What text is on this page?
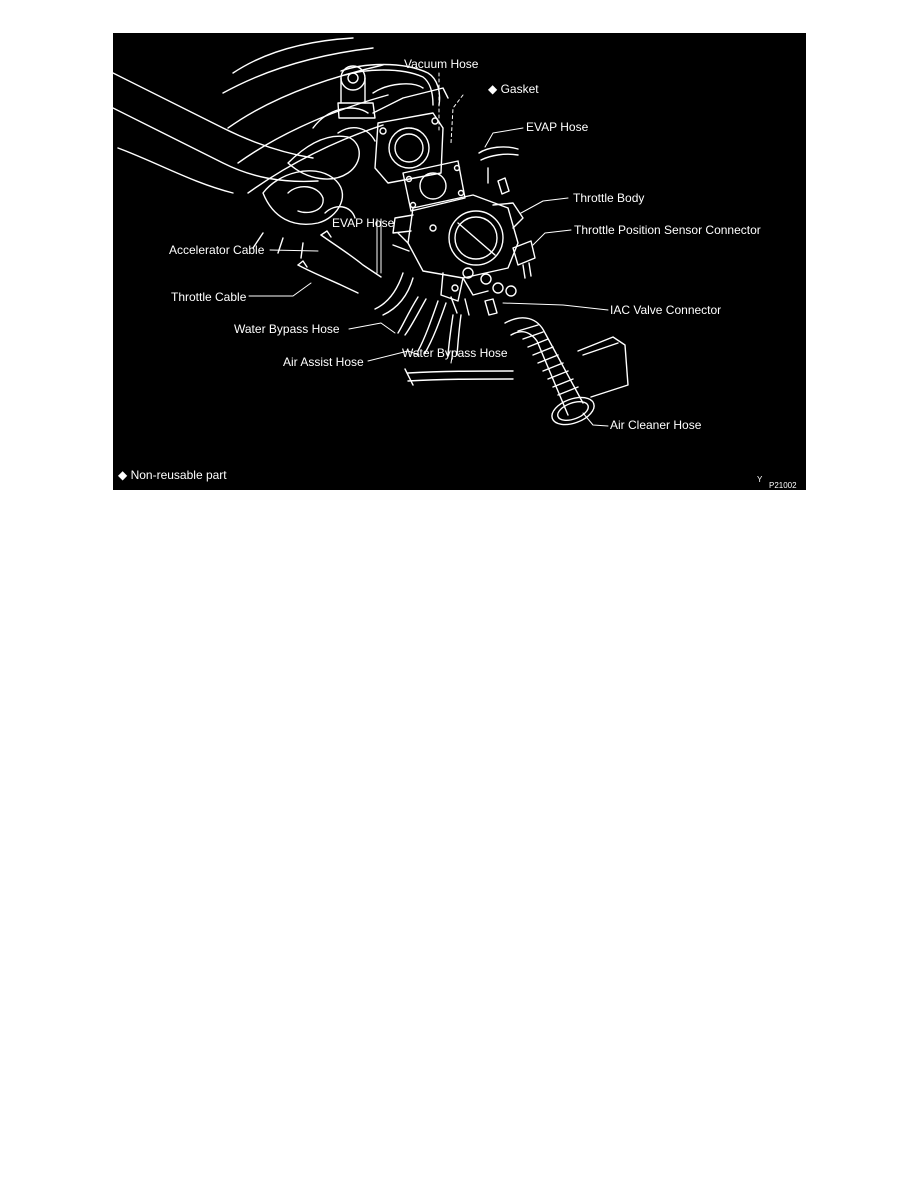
Vacuum Hose
◆ Gasket
EVAP Hose
Throttle Body
Throttle Position Sensor Connector
EVAP Hose
Accelerator Cable
Throttle Cable
IAC Valve Connector
Water Bypass Hose
Air Assist Hose
Water Bypass Hose
Air Cleaner Hose
◆ Non-reusable part	Y
P21002
